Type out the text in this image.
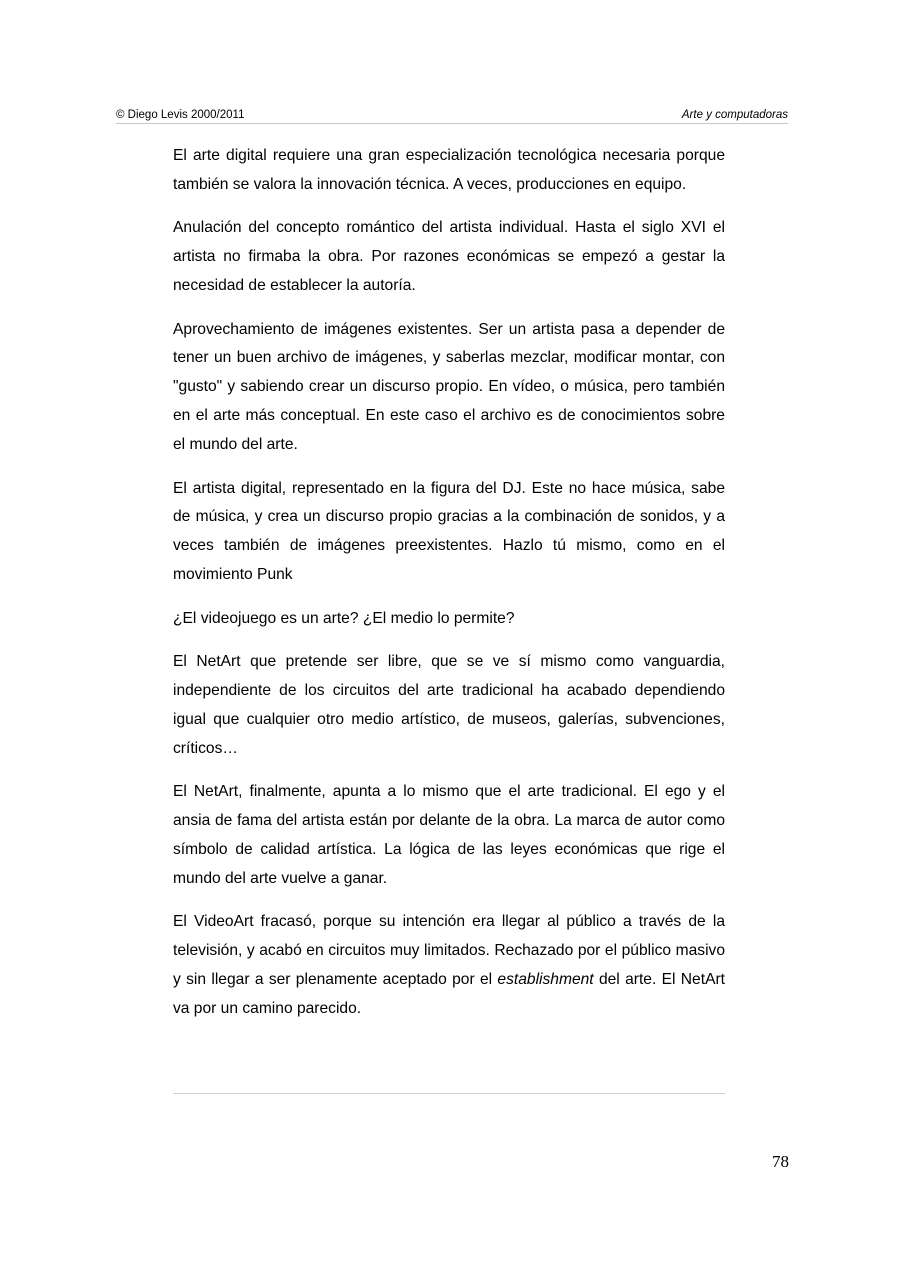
© Diego Levis 2000/2011	Arte y computadoras

El arte digital requiere una gran especialización tecnológica necesaria porque también se valora la innovación técnica. A veces, producciones en equipo.

Anulación del concepto romántico del artista individual. Hasta el siglo XVI el artista no firmaba la obra. Por razones económicas se empezó a gestar la necesidad de establecer la autoría.

Aprovechamiento de imágenes existentes. Ser un artista pasa a depender de tener un buen archivo de imágenes, y saberlas mezclar, modificar montar, con "gusto" y sabiendo crear un discurso propio. En vídeo, o música, pero también en el arte más conceptual. En este caso el archivo es de conocimientos sobre el mundo del arte.

El artista digital, representado en la figura del DJ. Este no hace música, sabe de música, y crea un discurso propio gracias a la combinación de sonidos, y a veces también de imágenes preexistentes. Hazlo tú mismo, como en el movimiento Punk

¿El videojuego es un arte? ¿El medio lo permite?

El NetArt que pretende ser libre, que se ve sí mismo como vanguardia, independiente de los circuitos del arte tradicional ha acabado dependiendo igual que cualquier otro medio artístico, de museos, galerías, subvenciones, críticos…

El NetArt, finalmente, apunta a lo mismo que el arte tradicional. El ego y el ansia de fama del artista están por delante de la obra. La marca de autor como símbolo de calidad artística. La lógica de las leyes económicas que rige el mundo del arte vuelve a ganar.

El VideoArt fracasó, porque su intención era llegar al público a través de la televisión, y acabó en circuitos muy limitados. Rechazado por el público masivo y sin llegar a ser plenamente aceptado por el establishment del arte. El NetArt va por un camino parecido.

78
